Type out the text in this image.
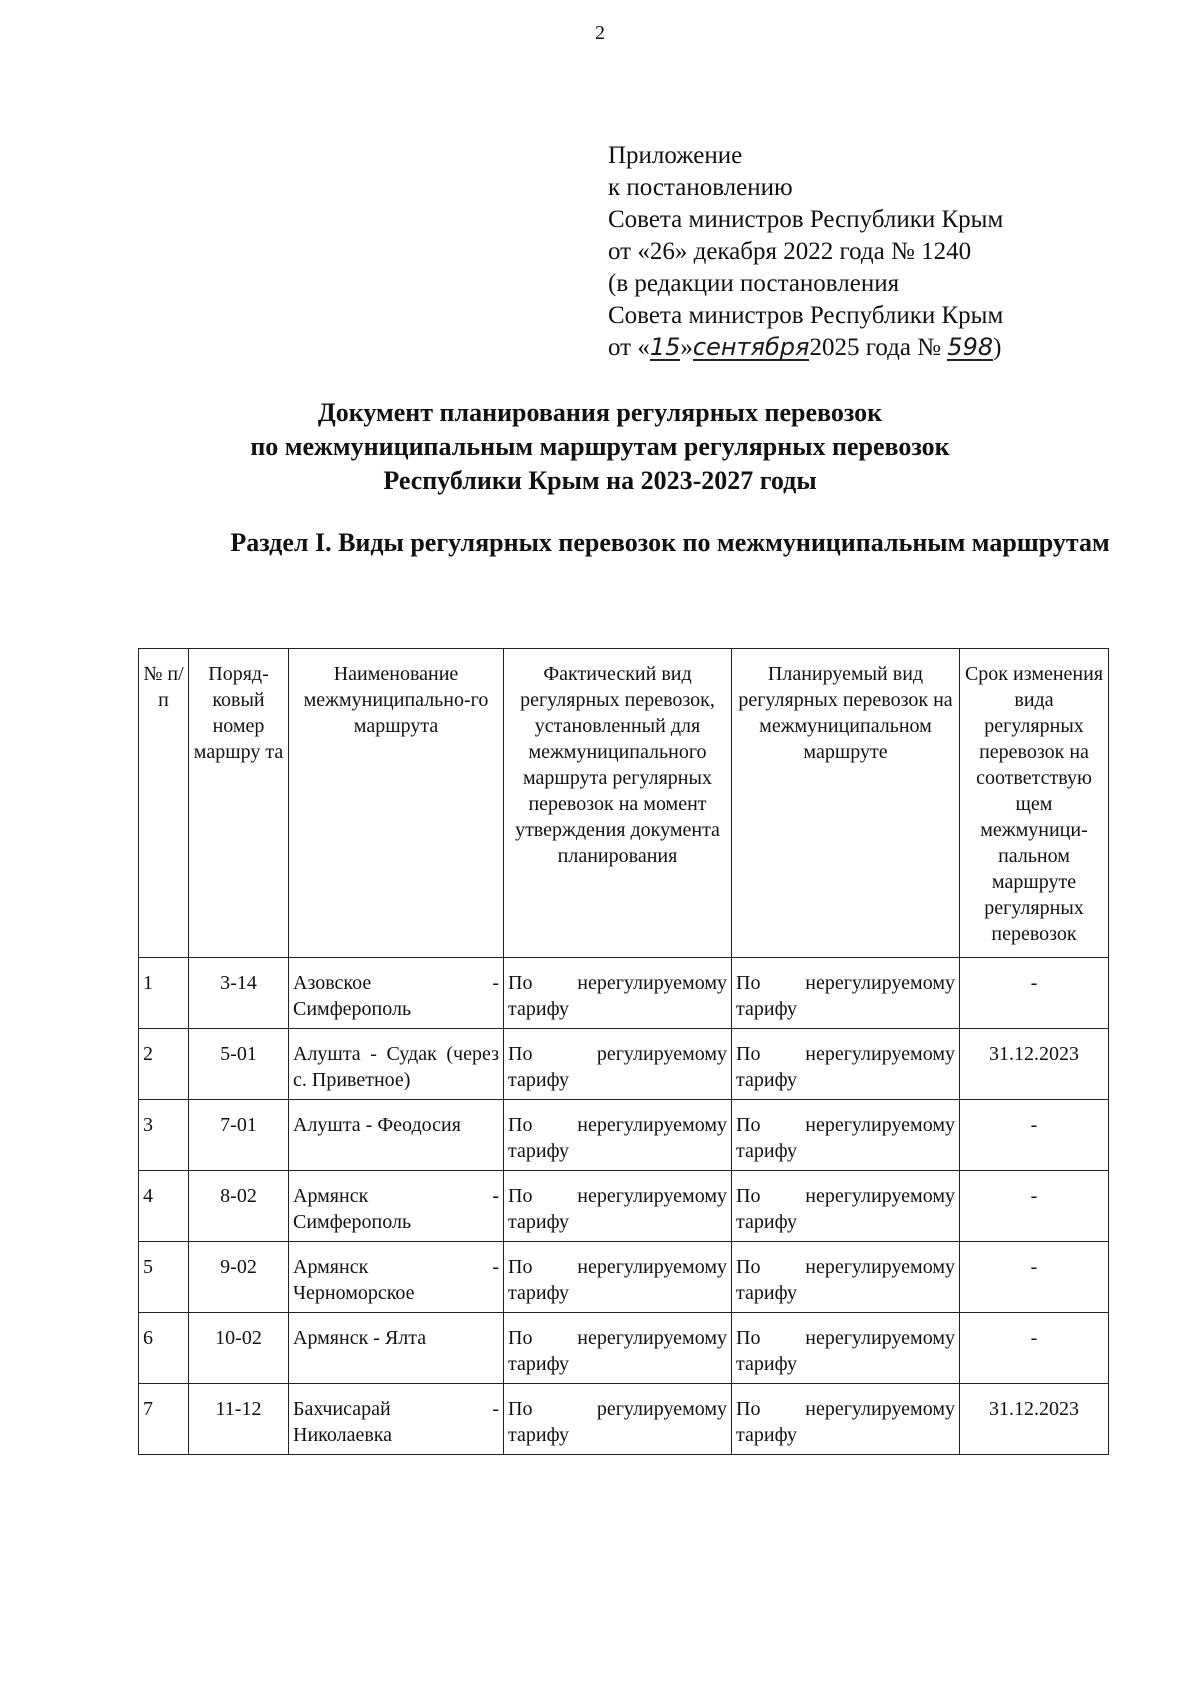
2
Приложение
к постановлению
Совета министров Республики Крым
от «26» декабря 2022 года № 1240
(в редакции постановления
Совета министров Республики Крым
от «15»сентября2025 года № 598)
Документ планирования регулярных перевозок
по межмуниципальным маршрутам регулярных перевозок
Республики Крым на 2023-2027 годы
Раздел I. Виды регулярных перевозок по межмуниципальным маршрутам
№ п/п	Поряд-ковый номер маршру та	Наименование межмуниципально-го маршрута	Фактический вид регулярных перевозок, установленный для межмуниципального маршрута регулярных перевозок на момент утверждения документа планирования	Планируемый вид регулярных перевозок на межмуниципальном маршруте	Срок изменения вида регулярных перевозок на соответствую щем межмуници-пальном маршруте регулярных перевозок
1	3-14	Азовское - Симферополь	По нерегулируемому тарифу	По нерегулируемому тарифу	-
2	5-01	Алушта - Судак (через с. Приветное)	По регулируемому тарифу	По нерегулируемому тарифу	31.12.2023
3	7-01	Алушта - Феодосия	По нерегулируемому тарифу	По нерегулируемому тарифу	-
4	8-02	Армянск - Симферополь	По нерегулируемому тарифу	По нерегулируемому тарифу	-
5	9-02	Армянск - Черноморское	По нерегулируемому тарифу	По нерегулируемому тарифу	-
6	10-02	Армянск - Ялта	По нерегулируемому тарифу	По нерегулируемому тарифу	-
7	11-12	Бахчисарай - Николаевка	По регулируемому тарифу	По нерегулируемому тарифу	31.12.2023
